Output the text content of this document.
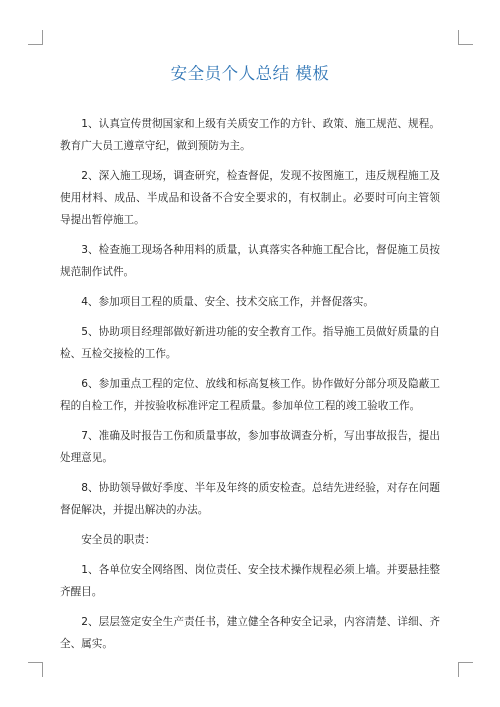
安全员个人总结 模板

1、认真宣传贯彻国家和上级有关质安工作的方针、政策、施工规范、规程。教育广大员工遵章守纪，做到预防为主。

2、深入施工现场，调查研究，检查督促，发现不按图施工，违反规程施工及使用材料、成品、半成品和设备不合安全要求的，有权制止。必要时可向主管领导提出暂停施工。

3、检查施工现场各种用料的质量，认真落实各种施工配合比，督促施工员按规范制作试件。

4、参加项目工程的质量、安全、技术交底工作，并督促落实。

5、协助项目经理部做好新进功能的安全教育工作。指导施工员做好质量的自检、互检交接检的工作。

6、参加重点工程的定位、放线和标高复核工作。协作做好分部分项及隐蔽工程的自检工作，并按验收标准评定工程质量。参加单位工程的竣工验收工作。

7、准确及时报告工伤和质量事故，参加事故调查分析，写出事故报告，提出处理意见。

8、协助领导做好季度、半年及年终的质安检查。总结先进经验，对存在问题督促解决，并提出解决的办法。

安全员的职责：

1、各单位安全网络图、岗位责任、安全技术操作规程必须上墙。并要悬挂整齐醒目。

2、层层签定安全生产责任书，建立健全各种安全记录，内容清楚、详细、齐全、属实。
